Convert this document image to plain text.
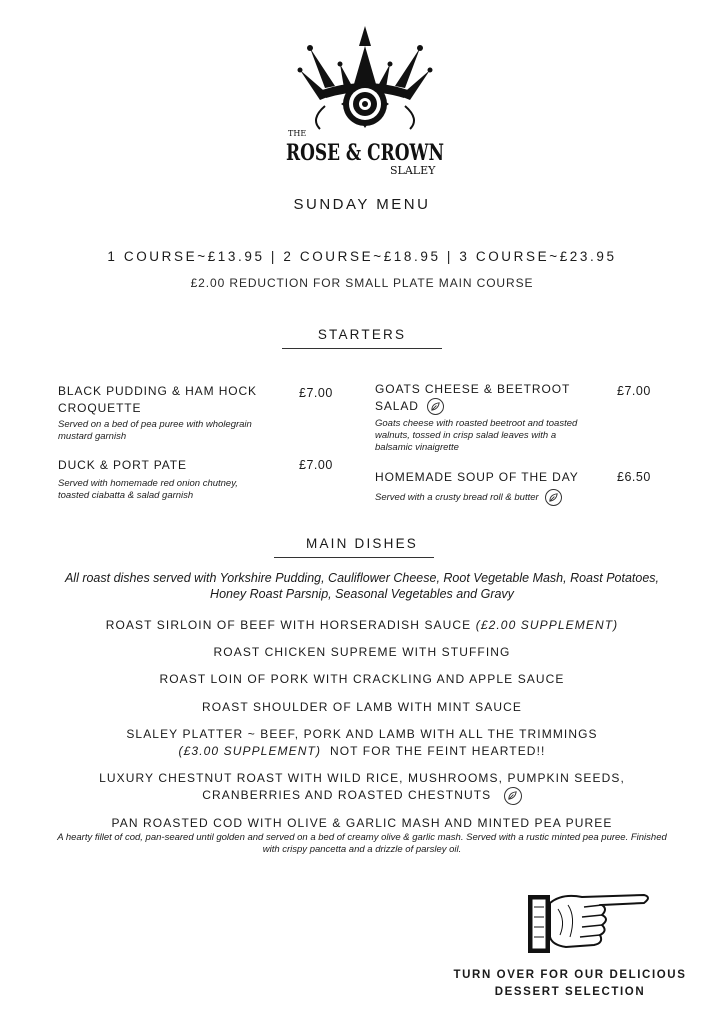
THE
ROSE & CROWN
SLALEY
SUNDAY MENU
1 COURSE~£13.95 | 2 COURSE~£18.95 | 3 COURSE~£23.95
£2.00 REDUCTION FOR SMALL PLATE MAIN COURSE
STARTERS
BLACK PUDDING & HAM HOCK CROQUETTE
£7.00
Served on a bed of pea puree with wholegrain mustard garnish
DUCK & PORT PATE	£7.00
Served with homemade red onion chutney, toasted ciabatta & salad garnish
GOATS CHEESE & BEETROOT SALAD
£7.00
Goats cheese with roasted beetroot and toasted walnuts, tossed in crisp salad leaves with a balsamic vinaigrette
HOMEMADE SOUP OF THE DAY	£6.50
Served with a crusty bread roll & butter
MAIN DISHES
All roast dishes served with Yorkshire Pudding, Cauliflower Cheese, Root Vegetable Mash, Roast Potatoes, Honey Roast Parsnip, Seasonal Vegetables and Gravy
ROAST SIRLOIN OF BEEF WITH HORSERADISH SAUCE (£2.00 SUPPLEMENT)
ROAST CHICKEN SUPREME WITH STUFFING
ROAST LOIN OF PORK WITH CRACKLING AND APPLE SAUCE
ROAST SHOULDER OF LAMB WITH MINT SAUCE
SLALEY PLATTER ~ BEEF, PORK AND LAMB WITH ALL THE TRIMMINGS
(£3.00 SUPPLEMENT) NOT FOR THE FEINT HEARTED!!
LUXURY CHESTNUT ROAST WITH WILD RICE, MUSHROOMS, PUMPKIN SEEDS,
CRANBERRIES AND ROASTED CHESTNUTS
PAN ROASTED COD WITH OLIVE & GARLIC MASH AND MINTED PEA PUREE
A hearty fillet of cod, pan-seared until golden and served on a bed of creamy olive & garlic mash. Served with a rustic minted pea puree. Finished with crispy pancetta and a drizzle of parsley oil.
TURN OVER FOR OUR DELICIOUS
DESSERT SELECTION
